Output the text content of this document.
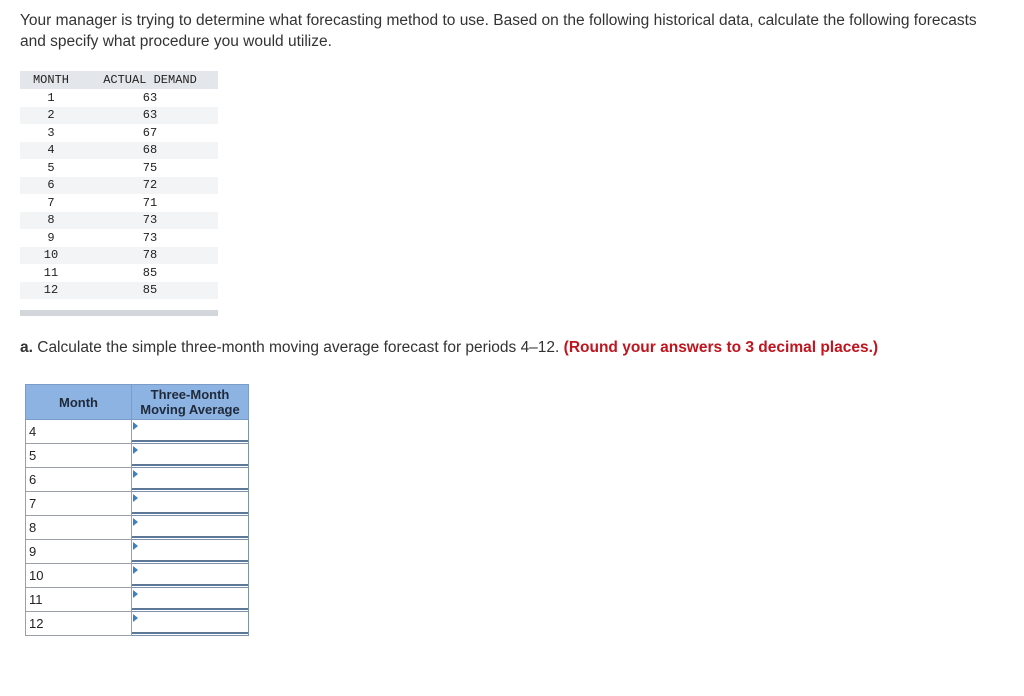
Your manager is trying to determine what forecasting method to use. Based on the following historical data, calculate the following forecasts and specify what procedure you would utilize.
MONTH	ACTUAL DEMAND
1	63
2	63
3	67
4	68
5	75
6	72
7	71
8	73
9	73
10	78
11	85
12	85
a. Calculate the simple three-month moving average forecast for periods 4–12. (Round your answers to 3 decimal places.)
Month	Three-Month
Moving Average
4	

5	

6	

7	

8	

9	

10	

11	

12	
